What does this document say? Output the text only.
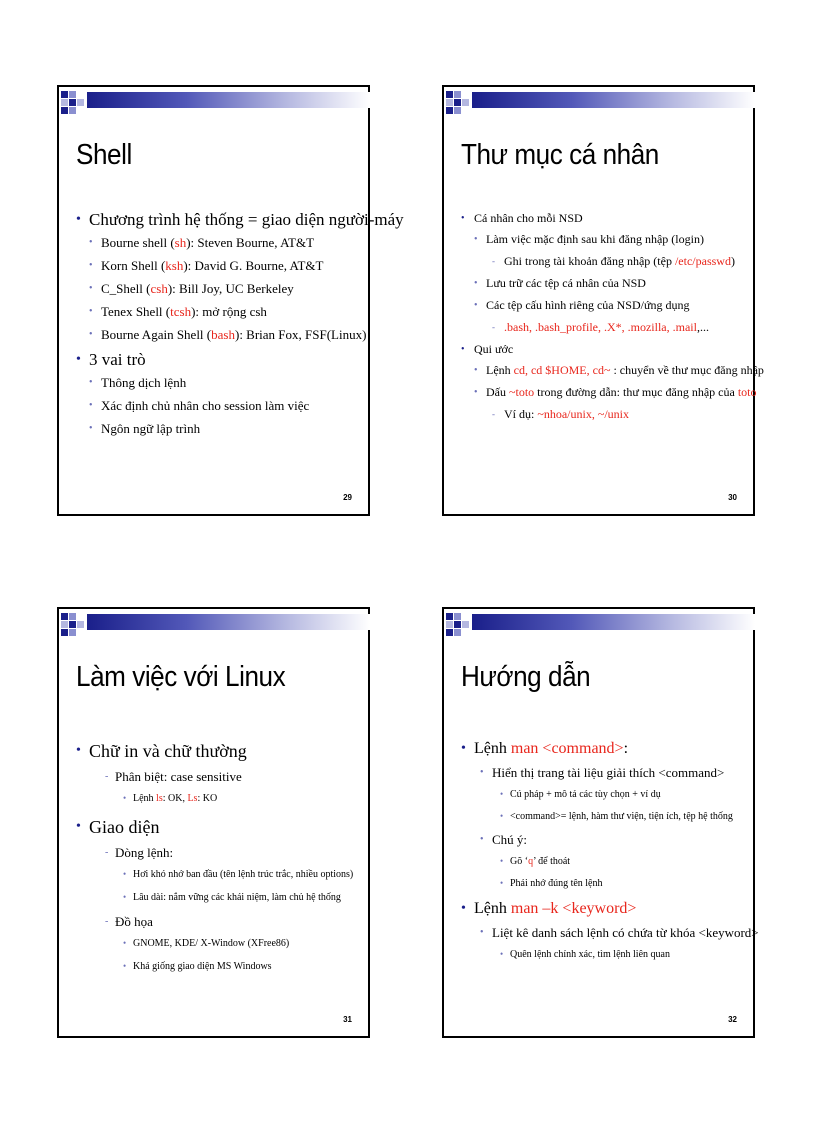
Shell
• Chương trình hệ thống = giao diện người-máy
• Bourne shell (sh): Steven Bourne, AT&T
• Korn Shell (ksh): David G. Bourne, AT&T
• C_Shell (csh): Bill Joy, UC Berkeley
• Tenex Shell (tcsh): mở rộng csh
• Bourne Again Shell (bash): Brian Fox, FSF(Linux)
• 3 vai trò
• Thông dịch lệnh
• Xác định chủ nhân cho session làm việc
• Ngôn ngữ lập trình
29
Thư mục cá nhân
• Cá nhân cho mỗi NSD
• Làm việc mặc định sau khi đăng nhập (login)
- Ghi trong tài khoản đăng nhập (tệp /etc/passwd)
• Lưu trữ các tệp cá nhân của NSD
• Các tệp cấu hình riêng của NSD/ứng dụng
- .bash, .bash_profile, .X*, .mozilla, .mail,...
• Qui ước
• Lệnh cd, cd $HOME, cd~ : chuyển về thư mục đăng nhập
• Dấu ~toto trong đường dẫn: thư mục đăng nhập của toto
- Ví dụ: ~nhoa/unix, ~/unix
30
Làm việc với Linux
• Chữ in và chữ thường
- Phân biệt: case sensitive
• Lệnh ls: OK, Ls: KO
• Giao diện
- Dòng lệnh:
• Hơi khó nhớ ban đầu (tên lệnh trúc trắc, nhiều options)
• Lâu dài: nắm vững các khái niệm, làm chủ hệ thống
- Đồ họa
• GNOME, KDE/ X-Window (XFree86)
• Khá giống giao diện MS Windows
31
Hướng dẫn
• Lệnh man <command>:
• Hiển thị trang tài liệu giải thích <command>
• Cú pháp + mô tả các tùy chọn + ví dụ
• <command>= lệnh, hàm thư viện, tiện ích, tệp hệ thống
• Chú ý:
• Gõ ‘q’ để thoát
• Phải nhớ đúng tên lệnh
• Lệnh man –k <keyword>
• Liệt kê danh sách lệnh có chứa từ khóa <keyword>
• Quên lệnh chính xác, tìm lệnh liên quan
32
